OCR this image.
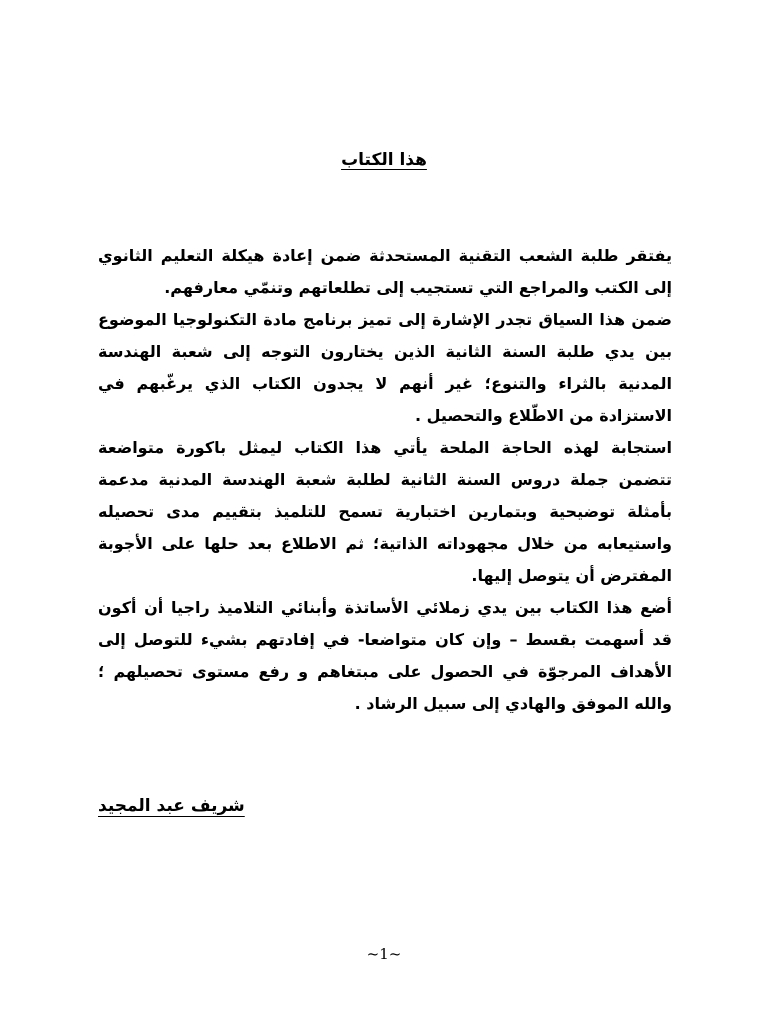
هذا الكتاب

يفتقر طلبة الشعب التقنية المستحدثة ضمن إعادة هيكلة التعليم الثانوي إلى الكتب والمراجع التي تستجيب إلى تطلعاتهم وتنمّي معارفهم.

ضمن هذا السياق تجدر الإشارة إلى تميز برنامج مادة التكنولوجيا الموضوع بين يدي طلبة السنة الثانية الذين يختارون التوجه إلى شعبة الهندسة المدنية بالثراء والتنوع؛ غير أنهم لا يجدون الكتاب الذي يرغّبهم في الاستزادة من الاطّلاع والتحصيل .

استجابة لهذه الحاجة الملحة يأتي هذا الكتاب ليمثل باكورة متواضعة تتضمن جملة دروس السنة الثانية لطلبة شعبة الهندسة المدنية مدعمة بأمثلة توضيحية وبتمارين اختبارية تسمح للتلميذ بتقييم مدى تحصيله واستيعابه من خلال مجهوداته الذاتية؛ ثم الاطلاع بعد حلها على الأجوبة المفترض أن يتوصل إليها.

أضع هذا الكتاب بين يدي زملائي الأساتذة وأبنائي التلاميذ راجيا أن أكون قد أسهمت بقسط – وإن كان متواضعا- في إفادتهم بشيء للتوصل إلى الأهداف المرجوّة في الحصول على مبتغاهم و رفع مستوى تحصيلهم ؛ والله الموفق والهادي إلى سبيل الرشاد .

شريف عبد المجيد
~1~
